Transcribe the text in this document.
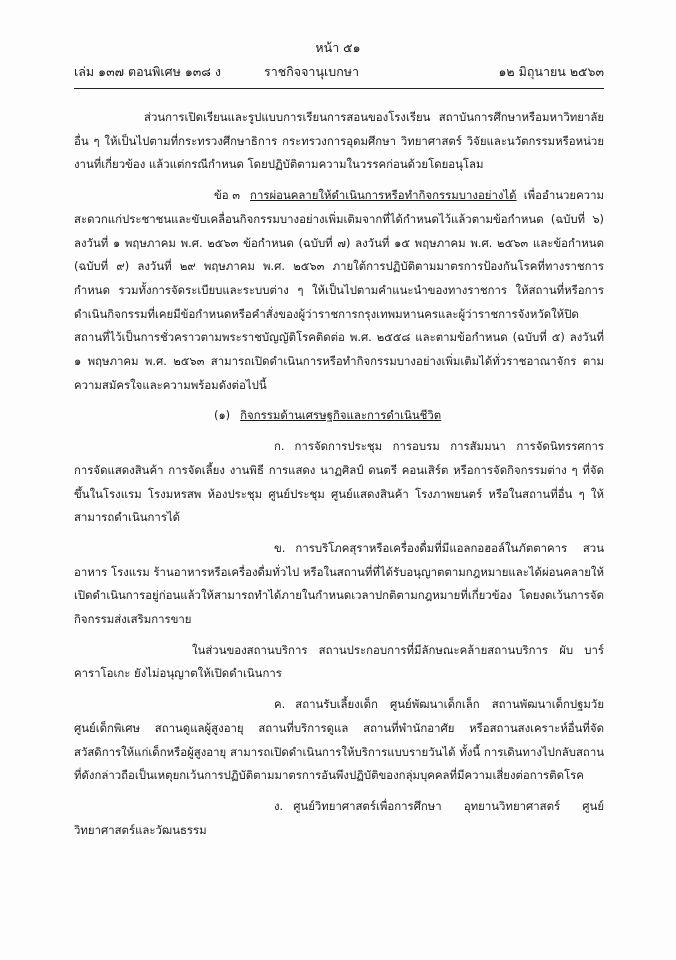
หน้า ๕๑
เล่ม ๑๓๗ ตอนพิเศษ ๑๓๘ ง	ราชกิจจานุเบกษา	๑๒ มิถุนายน ๒๕๖๓

ส่วนการเปิดเรียนและรูปแบบการเรียนการสอนของโรงเรียน สถาบันการศึกษาหรือมหาวิทยาลัยอื่น ๆ ให้เป็นไปตามที่กระทรวงศึกษาธิการ กระทรวงการอุดมศึกษา วิทยาศาสตร์ วิจัยและนวัตกรรมหรือหน่วยงานที่เกี่ยวข้อง แล้วแต่กรณีกำหนด โดยปฏิบัติตามความในวรรคก่อนด้วยโดยอนุโลม

ข้อ ๓ การผ่อนคลายให้ดำเนินการหรือทำกิจกรรมบางอย่างได้ เพื่ออำนวยความสะดวกแก่ประชาชนและขับเคลื่อนกิจกรรมบางอย่างเพิ่มเติมจากที่ได้กำหนดไว้แล้วตามข้อกำหนด (ฉบับที่ ๖) ลงวันที่ ๑ พฤษภาคม พ.ศ. ๒๕๖๓ ข้อกำหนด (ฉบับที่ ๗) ลงวันที่ ๑๕ พฤษภาคม พ.ศ. ๒๕๖๓ และข้อกำหนด (ฉบับที่ ๙) ลงวันที่ ๒๙ พฤษภาคม พ.ศ. ๒๕๖๓ ภายใต้การปฏิบัติตามมาตรการป้องกันโรคที่ทางราชการกำหนด รวมทั้งการจัดระเบียบและระบบต่าง ๆ ให้เป็นไปตามคำแนะนำของทางราชการ ให้สถานที่หรือการดำเนินกิจกรรมที่เคยมีข้อกำหนดหรือคำสั่งของผู้ว่าราชการกรุงเทพมหานครและผู้ว่าราชการจังหวัดให้ปิดสถานที่ไว้เป็นการชั่วคราวตามพระราชบัญญัติโรคติดต่อ พ.ศ. ๒๕๕๘ และตามข้อกำหนด (ฉบับที่ ๕) ลงวันที่ ๑ พฤษภาคม พ.ศ. ๒๕๖๓ สามารถเปิดดำเนินการหรือทำกิจกรรมบางอย่างเพิ่มเติมได้ทั่วราชอาณาจักร ตามความสมัครใจและความพร้อมดังต่อไปนี้

(๑) กิจกรรมด้านเศรษฐกิจและการดำเนินชีวิต

ก. การจัดการประชุม การอบรม การสัมมนา การจัดนิทรรศการ การจัดแสดงสินค้า การจัดเลี้ยง งานพิธี การแสดง นาฏศิลป์ ดนตรี คอนเสิร์ต หรือการจัดกิจกรรมต่าง ๆ ที่จัดขึ้นในโรงแรม โรงมหรสพ ห้องประชุม ศูนย์ประชุม ศูนย์แสดงสินค้า โรงภาพยนตร์ หรือในสถานที่อื่น ๆ ให้สามารถดำเนินการได้

ข. การบริโภคสุราหรือเครื่องดื่มที่มีแอลกอฮอล์ในภัตตาคาร สวนอาหาร โรงแรม ร้านอาหารหรือเครื่องดื่มทั่วไป หรือในสถานที่ที่ได้รับอนุญาตตามกฎหมายและได้ผ่อนคลายให้เปิดดำเนินการอยู่ก่อนแล้วให้สามารถทำได้ภายในกำหนดเวลาปกติตามกฎหมายที่เกี่ยวข้อง โดยงดเว้นการจัดกิจกรรมส่งเสริมการขาย

ในส่วนของสถานบริการ สถานประกอบการที่มีลักษณะคล้ายสถานบริการ ผับ บาร์ คาราโอเกะ ยังไม่อนุญาตให้เปิดดำเนินการ

ค. สถานรับเลี้ยงเด็ก ศูนย์พัฒนาเด็กเล็ก สถานพัฒนาเด็กปฐมวัย ศูนย์เด็กพิเศษ สถานดูแลผู้สูงอายุ สถานที่บริการดูแล สถานที่พำนักอาศัย หรือสถานสงเคราะห์อื่นที่จัดสวัสดิการให้แก่เด็กหรือผู้สูงอายุ สามารถเปิดดำเนินการให้บริการแบบรายวันได้ ทั้งนี้ การเดินทางไปกลับสถานที่ดังกล่าวถือเป็นเหตุยกเว้นการปฏิบัติตามมาตรการอันพึงปฏิบัติของกลุ่มบุคคลที่มีความเสี่ยงต่อการติดโรค

ง. ศูนย์วิทยาศาสตร์เพื่อการศึกษา อุทยานวิทยาศาสตร์ ศูนย์วิทยาศาสตร์และวัฒนธรรม
